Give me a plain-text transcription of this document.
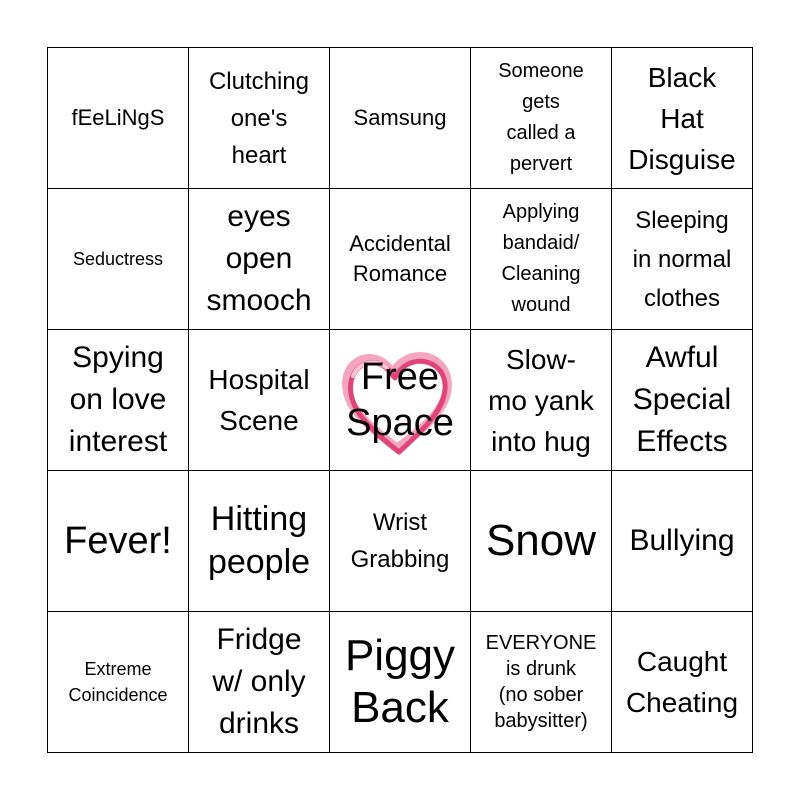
fEeLiNgS
Clutching
one's
heart
Samsung
Someone
gets
called a
pervert
Black
Hat
Disguise
Seductress
eyes
open
smooch
Accidental
Romance
Applying
bandaid/
Cleaning
wound
Sleeping
in normal
clothes
Spying
on love
interest
Hospital
Scene
Free
Space
Slow-
mo yank
into hug
Awful
Special
Effects
Fever!
Hitting
people
Wrist
Grabbing Snow Bullying
Extreme
Coincidence
Fridge
w/ only
drinks
Piggy
Back
EVERYONE
is drunk
(no sober
babysitter)
Caught
Cheating
